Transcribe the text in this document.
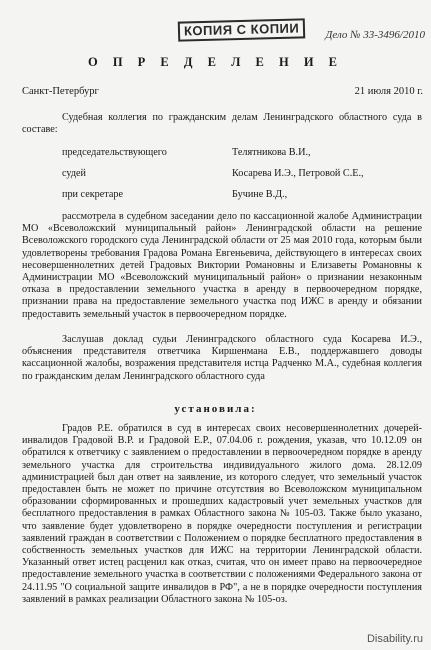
КОПИЯ С КОПИИ	Дело № 33-3496/2010
О П Р Е Д Е Л Е Н И Е
Санкт-Петербург	21 июля 2010 г.
Судебная коллегия по гражданским делам Ленинградского областного суда в составе:
председательствующего	Телятникова В.И.,
судей	Косарева И.Э., Петровой С.Е.,
при секретаре	Бучине В.Д.,
рассмотрела в судебном заседании дело по кассационной жалобе Администрации МО «Всеволожский муниципальный район» Ленинградской области на решение Всеволожского городского суда Ленинградской области от 25 мая 2010 года, которым были удовлетворены требования Градова Романа Евгеньевича, действующего в интересах своих несовершеннолетних детей Градовых Виктории Романовны и Елизаветы Романовны к Администрации МО «Всеволожский муниципальный район» о признании незаконным отказа в предоставлении земельного участка в аренду в первоочередном порядке, признании права на предоставление земельного участка под ИЖС в аренду и обязании предоставить земельный участок в первоочередном порядке.
Заслушав доклад судьи Ленинградского областного суда Косарева И.Э., объяснения представителя ответчика Киршенмана Е.В., поддержавшего доводы кассационной жалобы, возражения представителя истца Радченко М.А., судебная коллегия по гражданским делам Ленинградского областного суда
установила:
Градов Р.Е. обратился в суд в интересах своих несовершеннолетних дочерей-инвалидов Градовой В.Р. и Градовой Е.Р., 07.04.06 г. рождения, указав, что 10.12.09 он обратился к ответчику с заявлением о предоставлении в первоочередном порядке в аренду земельного участка для строительства индивидуального жилого дома. 28.12.09 администрацией был дан ответ на заявление, из которого следует, что земельный участок предоставлен быть не может по причине отсутствия во Всеволожском муниципальном образовании сформированных и прошедших кадастровый учет земельных участков для бесплатного предоставления в рамках Областного закона № 105-03. Также было указано, что заявление будет удовлетворено в порядке очередности поступления и регистрации заявлений граждан в соответствии с Положением о порядке бесплатного предоставления в собственность земельных участков для ИЖС на территории Ленинградской области. Указанный ответ истец расценил как отказ, считая, что он имеет право на первоочередное предоставление земельного участка в соответствии с положениями Федерального закона от 24.11.95 "О социальной защите инвалидов в РФ", а не в порядке очередности поступления заявлений в рамках реализации Областного закона № 105-оз.
Disability.ru
